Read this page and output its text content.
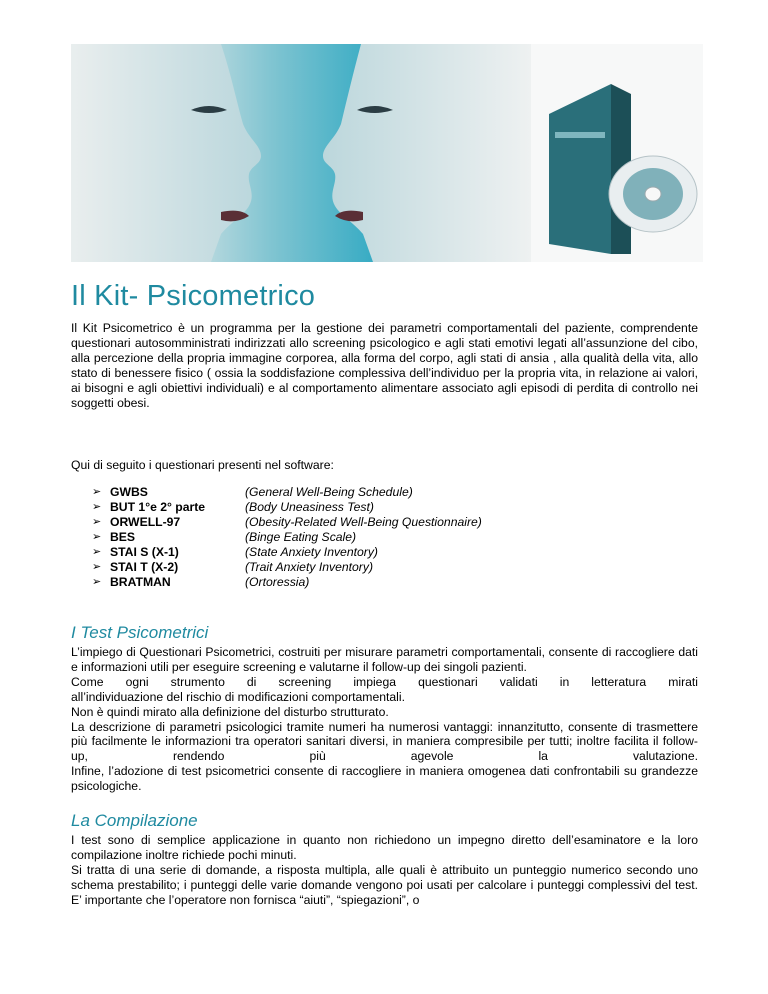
Il Kit- Psicometrico

Il Kit Psicometrico è un programma per la gestione dei parametri comportamentali del paziente, comprendente questionari autosomministrati indirizzati allo screening psicologico e agli stati emotivi legati all’assunzione del cibo, alla percezione della propria immagine corporea, alla forma del corpo, agli stati di ansia , alla qualità della vita, allo stato di benessere fisico ( ossia la soddisfazione complessiva dell’individuo per la propria vita, in relazione ai valori, ai bisogni e agli obiettivi individuali) e al comportamento alimentare associato agli episodi di perdita di controllo nei soggetti obesi.

Qui di seguito i questionari presenti nel software:

➢ GWBS	(General Well-Being Schedule)
➢ BUT 1°e 2° parte	(Body Uneasiness Test)
➢ ORWELL-97	(Obesity-Related Well-Being Questionnaire)
➢ BES	(Binge Eating Scale)
➢ STAI S (X-1)	(State Anxiety Inventory)
➢ STAI T (X-2)	(Trait Anxiety Inventory)
➢ BRATMAN	(Ortoressia)
I Test Psicometrici
L’impiego di Questionari Psicometrici, costruiti per misurare parametri comportamentali, consente di raccogliere dati e informazioni utili per eseguire screening e valutarne il follow-up dei singoli pazienti.
Come ogni strumento di screening impiega questionari validati in letteratura mirati
all’individuazione del rischio di modificazioni comportamentali.
Non è quindi mirato alla definizione del disturbo strutturato.
La descrizione di parametri psicologici tramite numeri ha numerosi vantaggi: innanzitutto, consente di trasmettere più facilmente le informazioni tra operatori sanitari diversi, in maniera compresibile per tutti; inoltre facilita il follow-up, rendendo più agevole la valutazione.
Infine, l’adozione di test psicometrici consente di raccogliere in maniera omogenea dati confrontabili su grandezze psicologiche.
La Compilazione
I test sono di semplice applicazione in quanto non richiedono un impegno diretto dell’esaminatore e la loro compilazione inoltre richiede pochi minuti.
Si tratta di una serie di domande, a risposta multipla, alle quali è attribuito un punteggio numerico secondo uno schema prestabilito; i punteggi delle varie domande vengono poi usati per calcolare i punteggi complessivi del test. E’ importante che l’operatore non fornisca “aiuti”, “spiegazioni”, o
